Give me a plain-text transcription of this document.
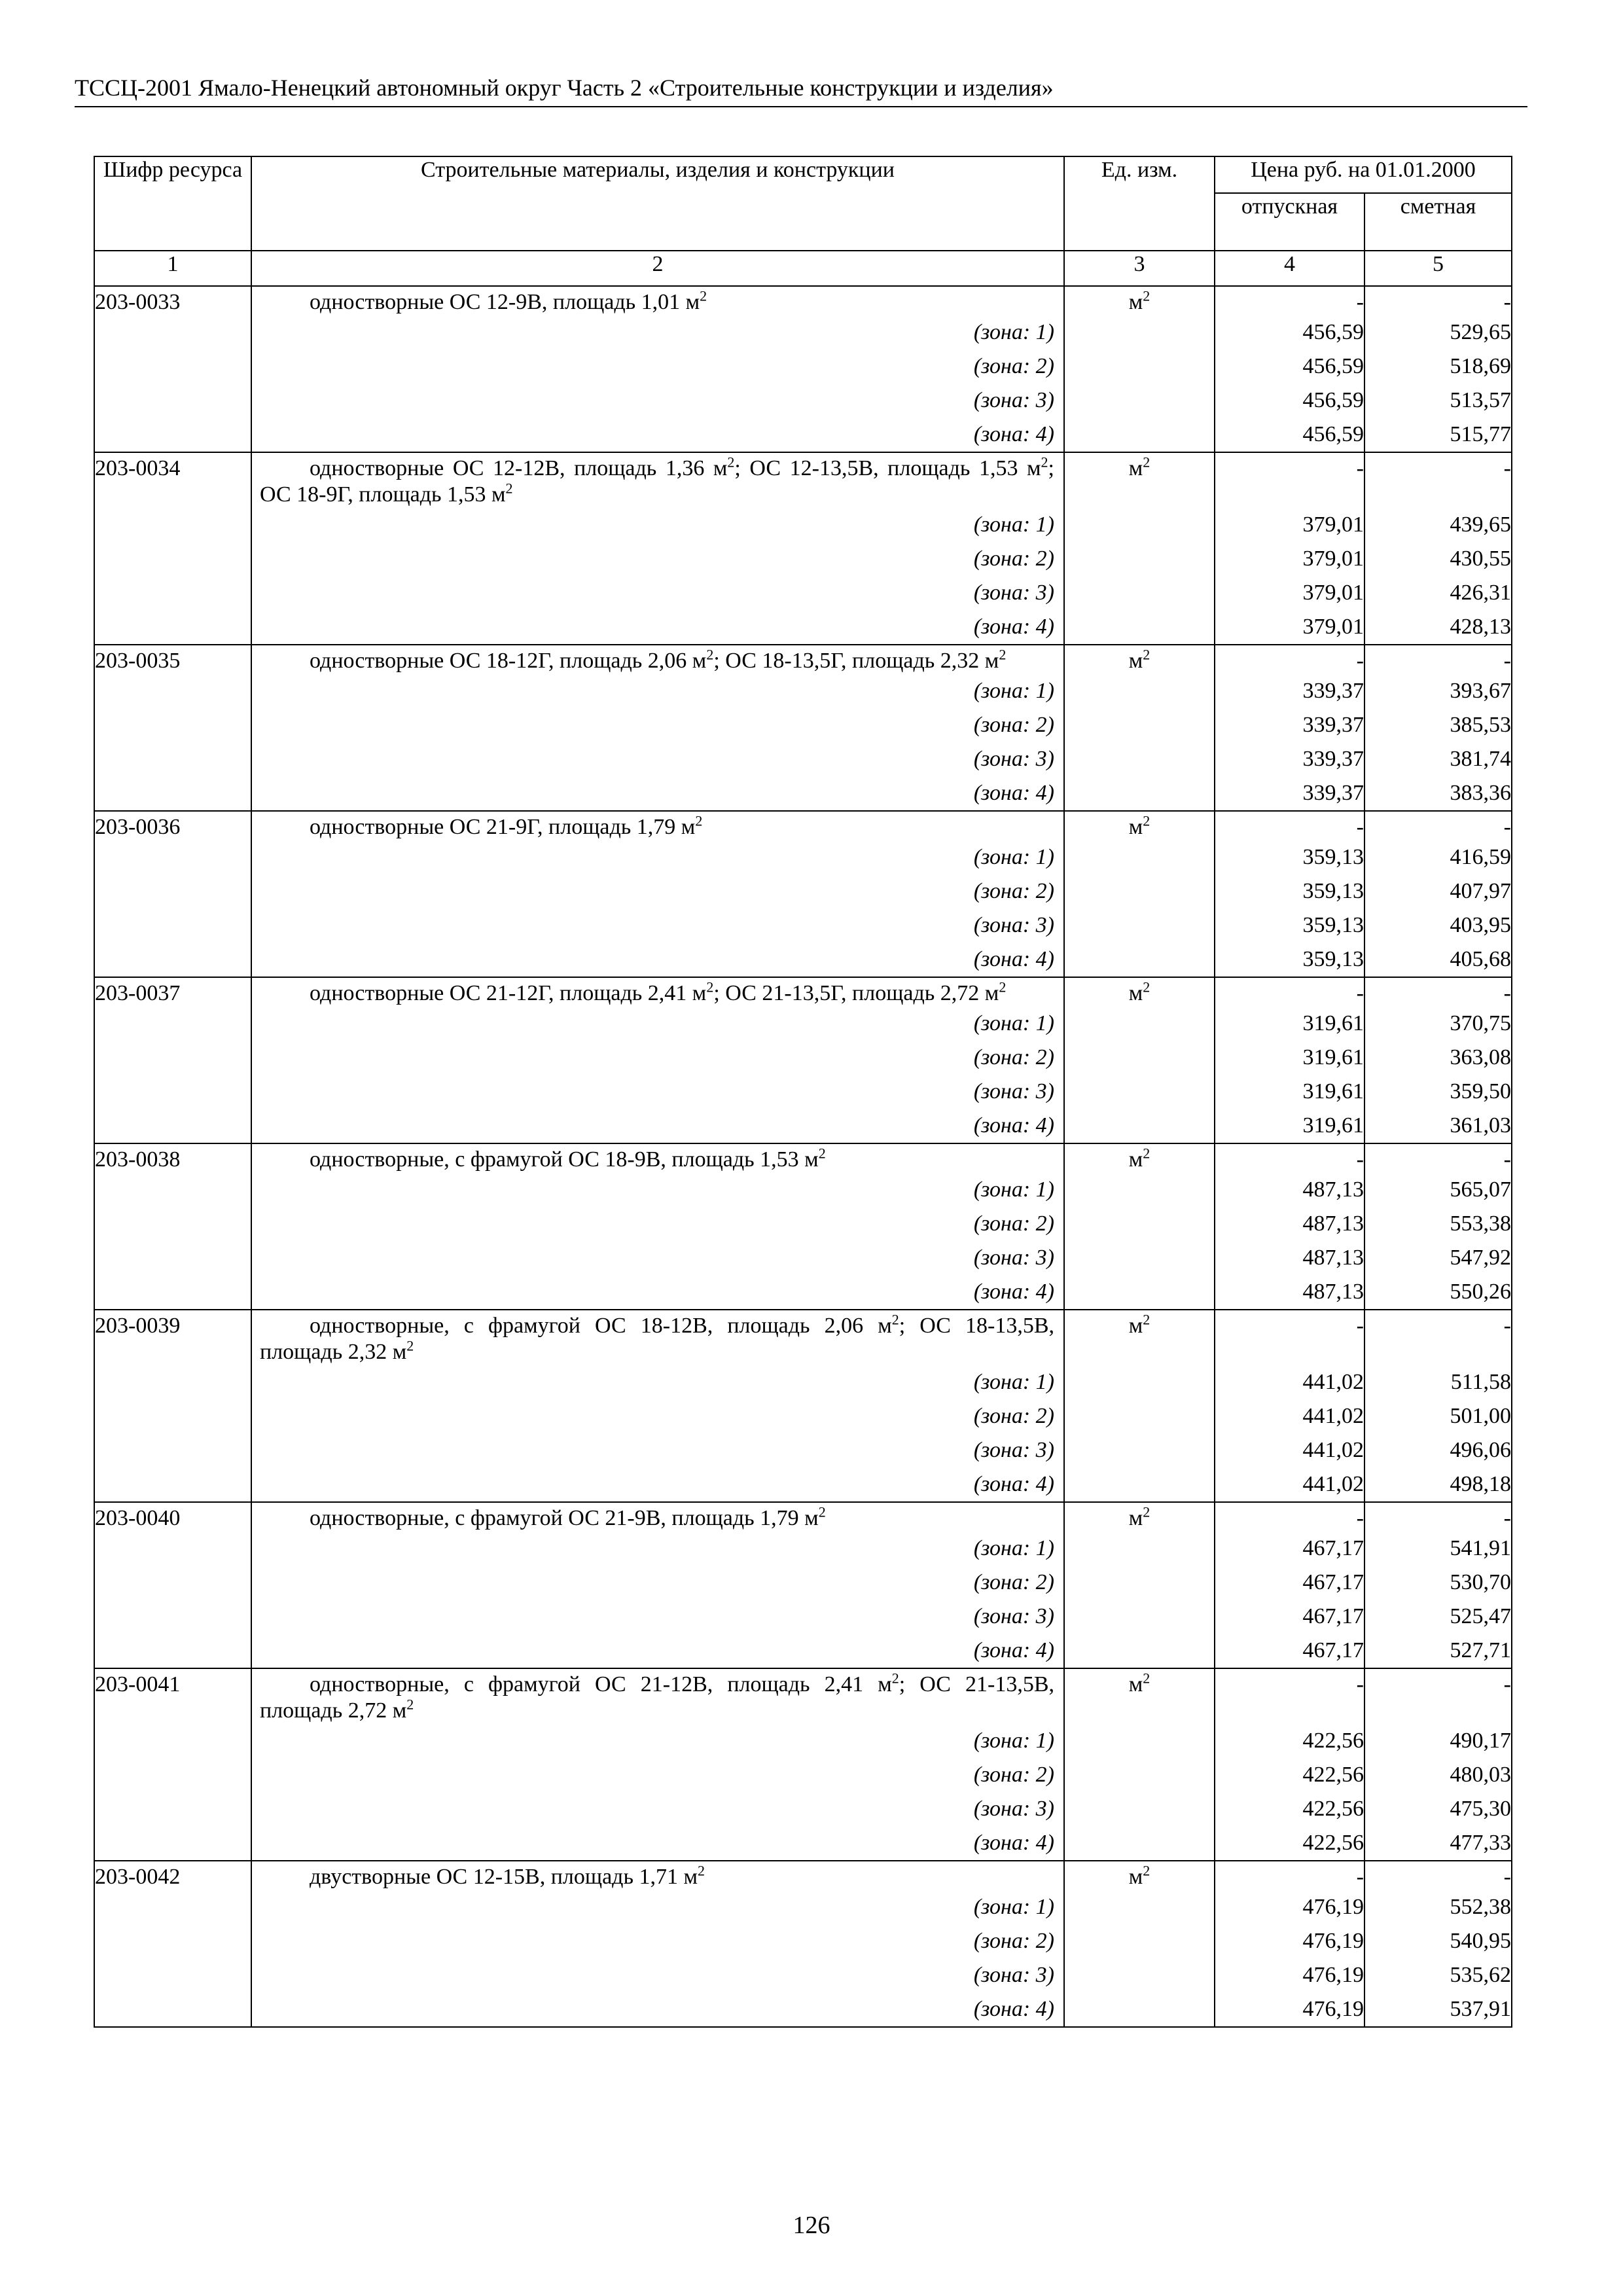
ТССЦ-2001 Ямало-Ненецкий автономный округ Часть 2 «Строительные конструкции и изделия»
Шифр ресурса	Строительные материалы, изделия и конструкции	Ед. изм.	Цена руб. на 01.01.2000	
			отпускная	сметная
1	2	3	4	5
203-0033	одностворные ОС 12-9В, площадь 1,01 $м^2$	$м^2$	-	-

	(зона: 1)		456,59	529,65

	(зона: 2)		456,59	518,69

	(зона: 3)		456,59	513,57

	(зона: 4)		456,59	515,77
203-0034	одностворные ОС 12-12В, площадь 1,36 $м^2$; ОС 12-13,5В, площадь 1,53 $м^2$; ОС 18-9Г, площадь 1,53 $м^2$	$м^2$	-	-

	(зона: 1)		379,01	439,65

	(зона: 2)		379,01	430,55

	(зона: 3)		379,01	426,31

	(зона: 4)		379,01	428,13
203-0035	одностворные ОС 18-12Г, площадь 2,06 $м^2$; ОС 18-13,5Г, площадь 2,32 $м^2$	$м^2$	-	-

	(зона: 1)		339,37	393,67

	(зона: 2)		339,37	385,53

	(зона: 3)		339,37	381,74

	(зона: 4)		339,37	383,36
203-0036	одностворные ОС 21-9Г, площадь 1,79 $м^2$	$м^2$	-	-

	(зона: 1)		359,13	416,59

	(зона: 2)		359,13	407,97

	(зона: 3)		359,13	403,95

	(зона: 4)		359,13	405,68
203-0037	одностворные ОС 21-12Г, площадь 2,41 $м^2$; ОС 21-13,5Г, площадь 2,72 $м^2$	$м^2$	-	-

	(зона: 1)		319,61	370,75

	(зона: 2)		319,61	363,08

	(зона: 3)		319,61	359,50

	(зона: 4)		319,61	361,03
203-0038	одностворные, с фрамугой ОС 18-9В, площадь 1,53 $м^2$	$м^2$	-	-

	(зона: 1)		487,13	565,07

	(зона: 2)		487,13	553,38

	(зона: 3)		487,13	547,92

	(зона: 4)		487,13	550,26
203-0039	одностворные, с фрамугой ОС 18-12В, площадь 2,06 $м^2$; ОС 18-13,5В, площадь 2,32 $м^2$	$м^2$	-	-

	(зона: 1)		441,02	511,58

	(зона: 2)		441,02	501,00

	(зона: 3)		441,02	496,06

	(зона: 4)		441,02	498,18
203-0040	одностворные, с фрамугой ОС 21-9В, площадь 1,79 $м^2$	$м^2$	-	-

	(зона: 1)		467,17	541,91

	(зона: 2)		467,17	530,70

	(зона: 3)		467,17	525,47

	(зона: 4)		467,17	527,71
203-0041	одностворные, с фрамугой ОС 21-12В, площадь 2,41 $м^2$; ОС 21-13,5В, площадь 2,72 $м^2$	$м^2$	-	-

	(зона: 1)		422,56	490,17

	(зона: 2)		422,56	480,03

	(зона: 3)		422,56	475,30

	(зона: 4)		422,56	477,33
203-0042	двустворные ОС 12-15В, площадь 1,71 $м^2$	$м^2$	-	-

	(зона: 1)		476,19	552,38

	(зона: 2)		476,19	540,95

	(зона: 3)		476,19	535,62

	(зона: 4)		476,19	537,91
126
